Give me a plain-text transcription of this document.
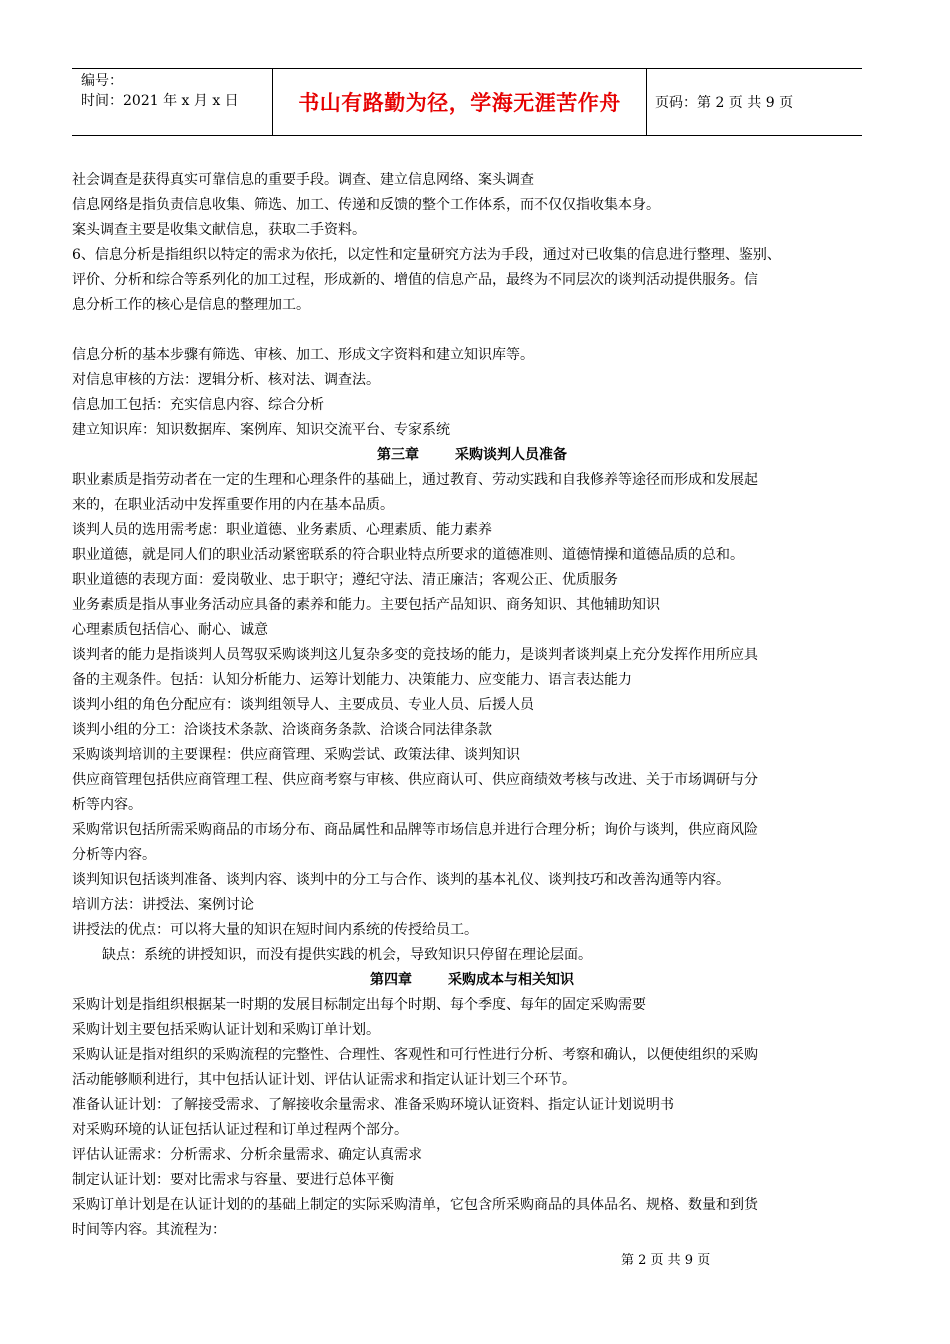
编号：
时间：2021 年 x 月 x 日	书山有路勤为径，学海无涯苦作舟 页码：第 2 页 共 9 页

社会调查是获得真实可靠信息的重要手段。调查、建立信息网络、案头调查

信息网络是指负责信息收集、筛选、加工、传递和反馈的整个工作体系，而不仅仅指收集本身。

案头调查主要是收集文献信息，获取二手资料。

6、信息分析是指组织以特定的需求为依托，以定性和定量研究方法为手段，通过对已收集的信息进行整理、鉴别、

评价、分析和综合等系列化的加工过程，形成新的、增值的信息产品，最终为不同层次的谈判活动提供服务。信

息分析工作的核心是信息的整理加工。

信息分析的基本步骤有筛选、审核、加工、形成文字资料和建立知识库等。

对信息审核的方法：逻辑分析、核对法、调查法。

信息加工包括：充实信息内容、综合分析

建立知识库：知识数据库、案例库、知识交流平台、专家系统

第三章	采购谈判人员准备

职业素质是指劳动者在一定的生理和心理条件的基础上，通过教育、劳动实践和自我修养等途径而形成和发展起

来的，在职业活动中发挥重要作用的内在基本品质。

谈判人员的选用需考虑：职业道德、业务素质、心理素质、能力素养

职业道德，就是同人们的职业活动紧密联系的符合职业特点所要求的道德准则、道德情操和道德品质的总和。

职业道德的表现方面：爱岗敬业、忠于职守；遵纪守法、清正廉洁；客观公正、优质服务

业务素质是指从事业务活动应具备的素养和能力。主要包括产品知识、商务知识、其他辅助知识

心理素质包括信心、耐心、诚意

谈判者的能力是指谈判人员驾驭采购谈判这儿复杂多变的竞技场的能力，是谈判者谈判桌上充分发挥作用所应具

备的主观条件。包括：认知分析能力、运筹计划能力、决策能力、应变能力、语言表达能力

谈判小组的角色分配应有：谈判组领导人、主要成员、专业人员、后援人员

谈判小组的分工：洽谈技术条款、洽谈商务条款、洽谈合同法律条款

采购谈判培训的主要课程：供应商管理、采购尝试、政策法律、谈判知识

供应商管理包括供应商管理工程、供应商考察与审核、供应商认可、供应商绩效考核与改进、关于市场调研与分

析等内容。

采购常识包括所需采购商品的市场分布、商品属性和品牌等市场信息并进行合理分析；询价与谈判，供应商风险

分析等内容。

谈判知识包括谈判准备、谈判内容、谈判中的分工与合作、谈判的基本礼仪、谈判技巧和改善沟通等内容。

培训方法：讲授法、案例讨论

讲授法的优点：可以将大量的知识在短时间内系统的传授给员工。

缺点：系统的讲授知识，而没有提供实践的机会，导致知识只停留在理论层面。

第四章	采购成本与相关知识

采购计划是指组织根据某一时期的发展目标制定出每个时期、每个季度、每年的固定采购需要

采购计划主要包括采购认证计划和采购订单计划。

采购认证是指对组织的采购流程的完整性、合理性、客观性和可行性进行分析、考察和确认，以便使组织的采购

活动能够顺利进行，其中包括认证计划、评估认证需求和指定认证计划三个环节。

准备认证计划：了解接受需求、了解接收余量需求、准备采购环境认证资料、指定认证计划说明书

对采购环境的认证包括认证过程和订单过程两个部分。

评估认证需求：分析需求、分析余量需求、确定认真需求

制定认证计划：要对比需求与容量、要进行总体平衡

采购订单计划是在认证计划的的基础上制定的实际采购清单，它包含所采购商品的具体品名、规格、数量和到货

时间等内容。其流程为：

第 2 页 共 9 页
